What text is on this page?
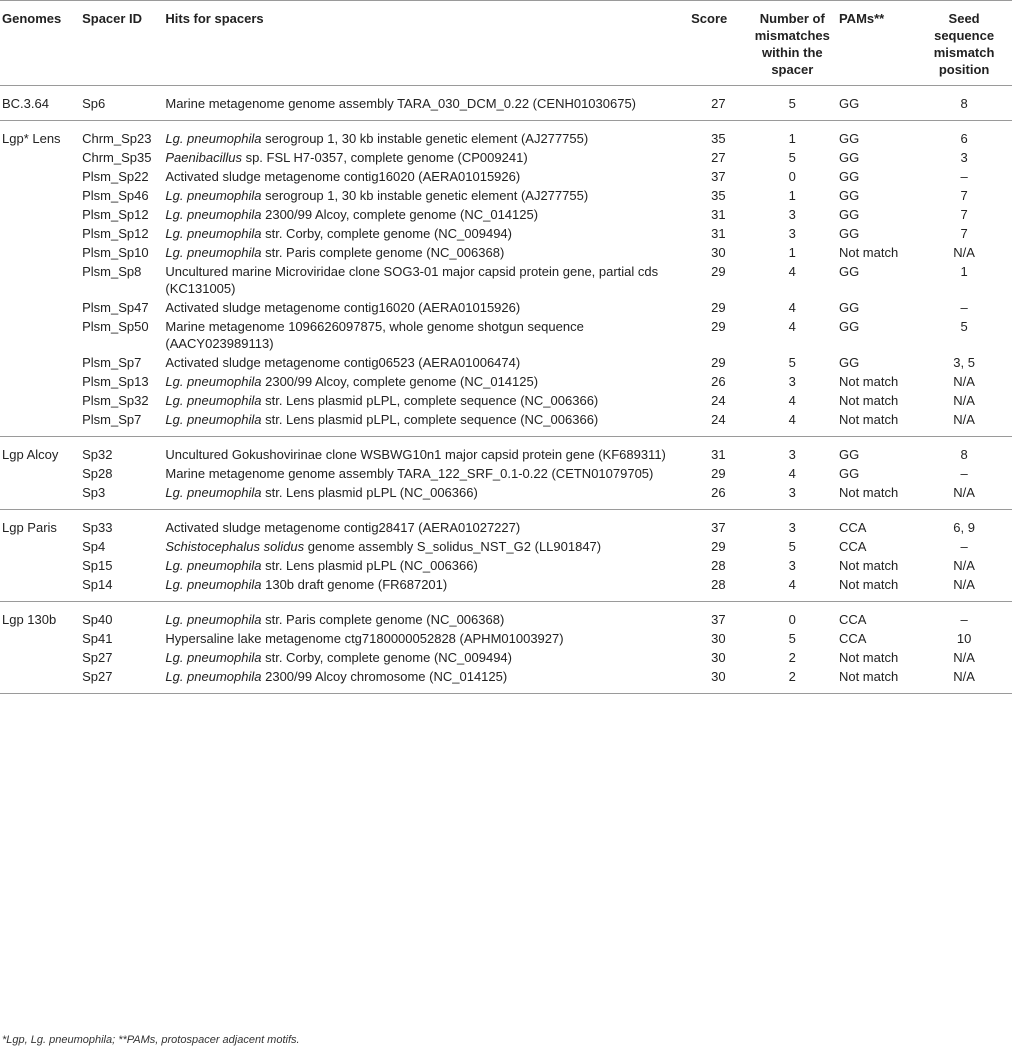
Genomes	Spacer ID	Hits for spacers	Score	Number of mismatches within the spacer	PAMs**	Seed sequence mismatch position
BC.3.64	Sp6	Marine metagenome genome assembly TARA_030_DCM_0.22 (CENH01030675)	27	5	GG	8
Lgp* Lens	Chrm_Sp23	Lg. pneumophila serogroup 1, 30 kb instable genetic element (AJ277755)	35	1	GG	6
	Chrm_Sp35	Paenibacillus sp. FSL H7-0357, complete genome (CP009241)	27	5	GG	3
	Plsm_Sp22	Activated sludge metagenome contig16020 (AERA01015926)	37	0	GG	–
	Plsm_Sp46	Lg. pneumophila serogroup 1, 30 kb instable genetic element (AJ277755)	35	1	GG	7
	Plsm_Sp12	Lg. pneumophila 2300/99 Alcoy, complete genome (NC_014125)	31	3	GG	7
	Plsm_Sp12	Lg. pneumophila str. Corby, complete genome (NC_009494)	31	3	GG	7
	Plsm_Sp10	Lg. pneumophila str. Paris complete genome (NC_006368)	30	1	Not match	N/A
	Plsm_Sp8	Uncultured marine Microviridae clone SOG3-01 major capsid protein gene, partial cds (KC131005)	29	4	GG	1
	Plsm_Sp47	Activated sludge metagenome contig16020 (AERA01015926)	29	4	GG	–
	Plsm_Sp50	Marine metagenome 1096626097875, whole genome shotgun sequence (AACY023989113)	29	4	GG	5
	Plsm_Sp7	Activated sludge metagenome contig06523 (AERA01006474)	29	5	GG	3, 5
	Plsm_Sp13	Lg. pneumophila 2300/99 Alcoy, complete genome (NC_014125)	26	3	Not match	N/A
	Plsm_Sp32	Lg. pneumophila str. Lens plasmid pLPL, complete sequence (NC_006366)	24	4	Not match	N/A
	Plsm_Sp7	Lg. pneumophila str. Lens plasmid pLPL, complete sequence (NC_006366)	24	4	Not match	N/A
Lgp Alcoy	Sp32	Uncultured Gokushovirinae clone WSBWG10n1 major capsid protein gene (KF689311)	31	3	GG	8
	Sp28	Marine metagenome genome assembly TARA_122_SRF_0.1-0.22 (CETN01079705)	29	4	GG	–
	Sp3	Lg. pneumophila str. Lens plasmid pLPL (NC_006366)	26	3	Not match	N/A
Lgp Paris	Sp33	Activated sludge metagenome contig28417 (AERA01027227)	37	3	CCA	6, 9
	Sp4	Schistocephalus solidus genome assembly S_solidus_NST_G2 (LL901847)	29	5	CCA	–
	Sp15	Lg. pneumophila str. Lens plasmid pLPL (NC_006366)	28	3	Not match	N/A
	Sp14	Lg. pneumophila 130b draft genome (FR687201)	28	4	Not match	N/A
Lgp 130b	Sp40	Lg. pneumophila str. Paris complete genome (NC_006368)	37	0	CCA	–
	Sp41	Hypersaline lake metagenome ctg7180000052828 (APHM01003927)	30	5	CCA	10
	Sp27	Lg. pneumophila str. Corby, complete genome (NC_009494)	30	2	Not match	N/A
	Sp27	Lg. pneumophila 2300/99 Alcoy chromosome (NC_014125)	30	2	Not match	N/A
*Lgp, Lg. pneumophila; **PAMs, protospacer adjacent motifs.
